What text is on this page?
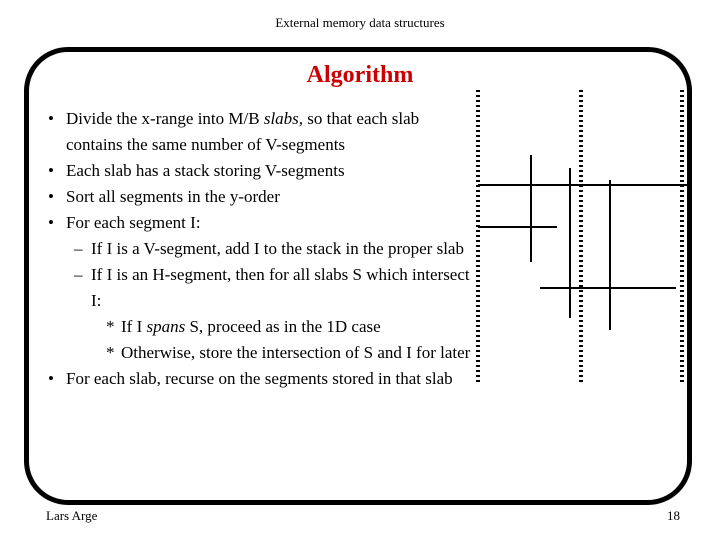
External memory data structures
Algorithm
• Divide the x-range into M/B slabs, so that each slab contains the same number of V-segments
• Each slab has a stack storing V-segments
• Sort all segments in the y-order
• For each segment I:
– If I is a V-segment, add I to the stack in the proper slab
– If I is an H-segment, then for all slabs S which intersect I:
* If I spans S, proceed as in the 1D case
* Otherwise, store the intersection of S and I for later
• For each slab, recurse on the segments stored in that slab
Lars Arge	18
